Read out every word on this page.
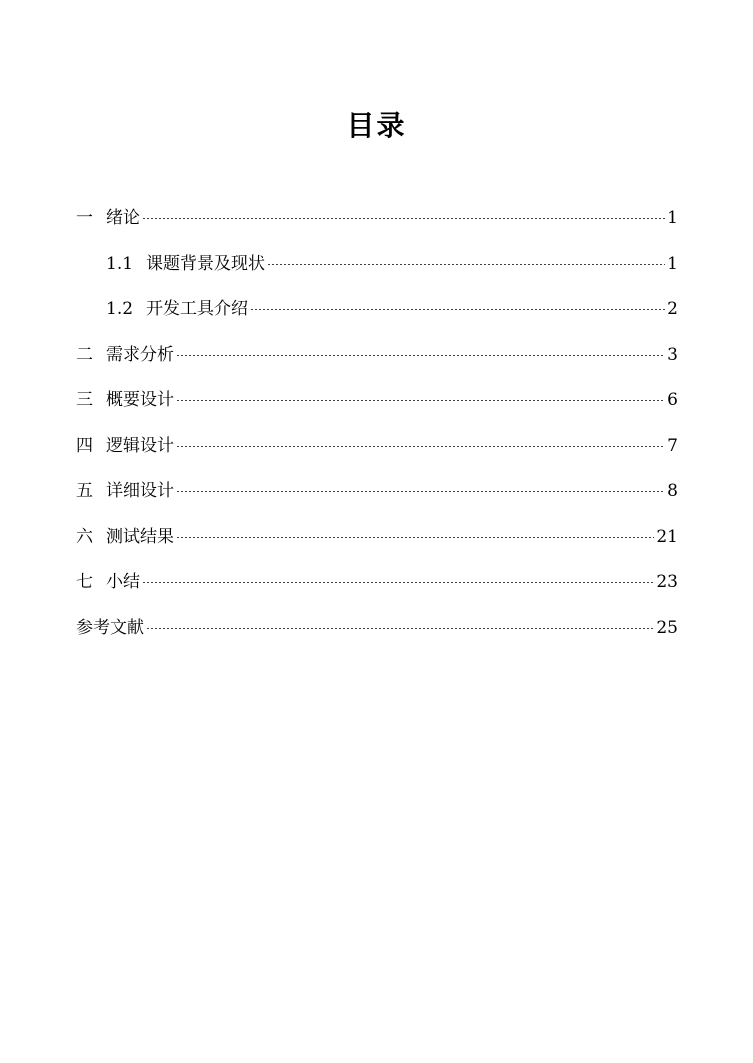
目录
一 绪论	1
1.1 课题背景及现状	1
1.2 开发工具介绍	2
二 需求分析	3
三 概要设计	6
四 逻辑设计	7
五 详细设计	8
六 测试结果	21
七 小结	23
参考文献	25
